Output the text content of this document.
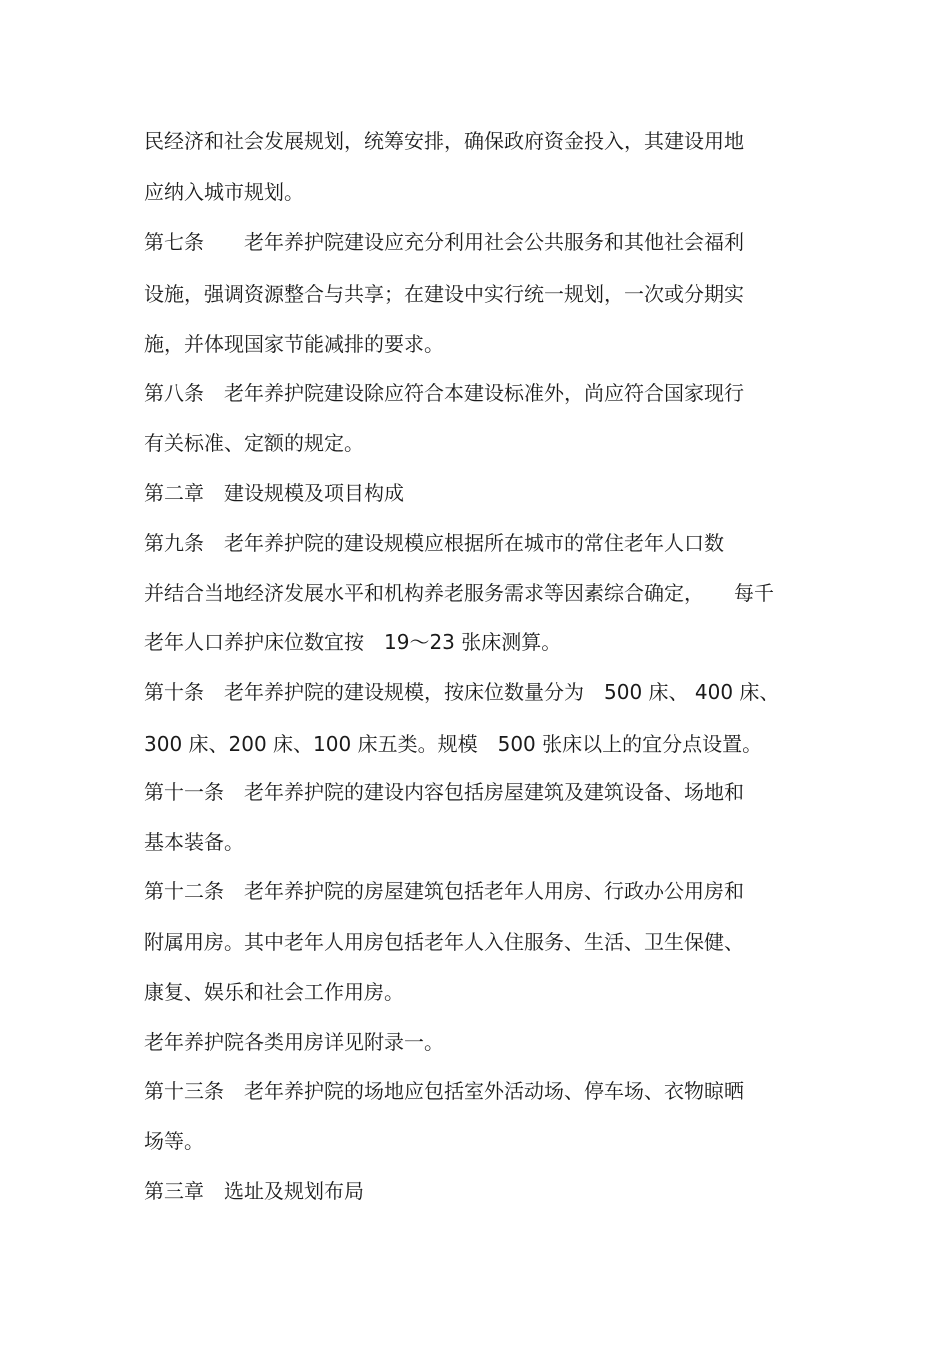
民经济和社会发展规划，统筹安排，确保政府资金投入，其建设用地
应纳入城市规划。
第七条　　老年养护院建设应充分利用社会公共服务和其他社会福利
设施，强调资源整合与共享；在建设中实行统一规划，一次或分期实
施，并体现国家节能减排的要求。
第八条　老年养护院建设除应符合本建设标准外，尚应符合国家现行
有关标准、定额的规定。
第二章　建设规模及项目构成
第九条　老年养护院的建设规模应根据所在城市的常住老年人口数
并结合当地经济发展水平和机构养老服务需求等因素综合确定，　　每千
老年人口养护床位数宜按　19～23 张床测算。
第十条　老年养护院的建设规模，按床位数量分为　500 床、 400 床、
300 床、200 床、100 床五类。规模　500 张床以上的宜分点设置。
第十一条　老年养护院的建设内容包括房屋建筑及建筑设备、场地和
基本装备。
第十二条　老年养护院的房屋建筑包括老年人用房、行政办公用房和
附属用房。其中老年人用房包括老年人入住服务、生活、卫生保健、
康复、娱乐和社会工作用房。
老年养护院各类用房详见附录一。
第十三条　老年养护院的场地应包括室外活动场、停车场、衣物晾晒
场等。
第三章　选址及规划布局
